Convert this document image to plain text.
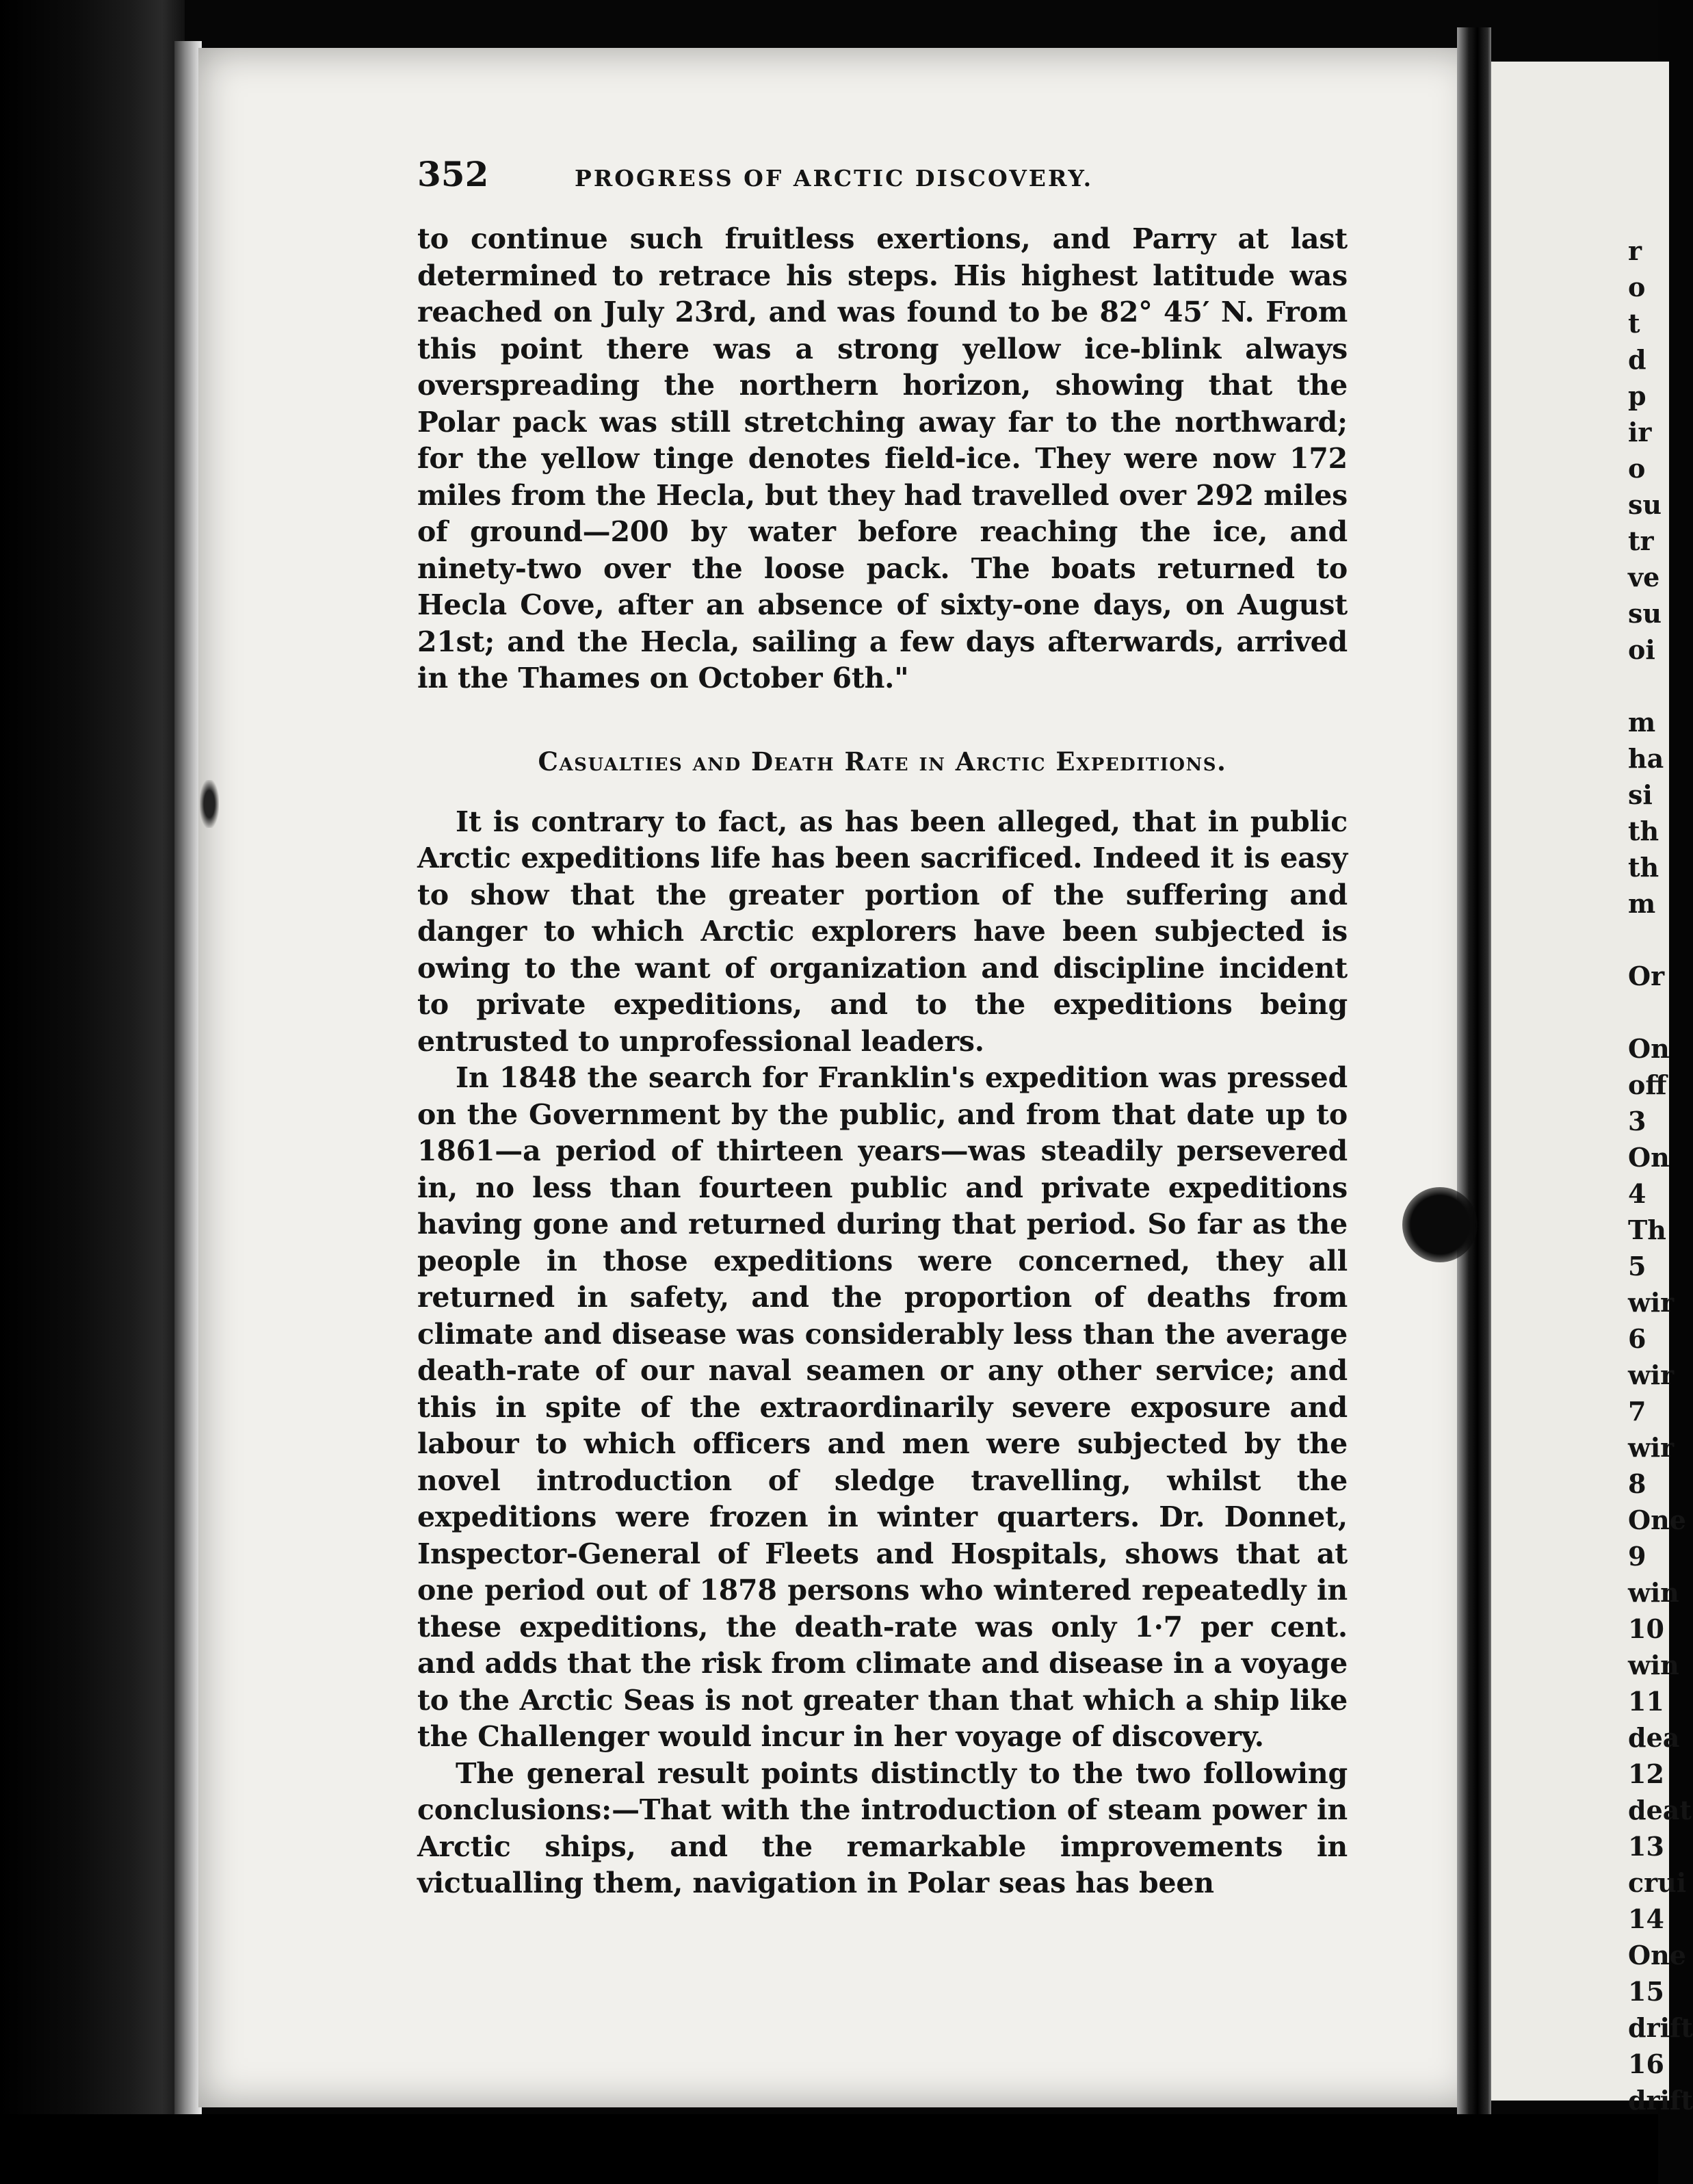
352	PROGRESS OF ARCTIC DISCOVERY.

to continue such fruitless exertions, and Parry at last determined to retrace his steps. His highest latitude was reached on July 23rd, and was found to be 82° 45′ N. From this point there was a strong yellow ice-blink always overspreading the northern horizon, showing that the Polar pack was still stretching away far to the northward; for the yellow tinge denotes field-ice. They were now 172 miles from the Hecla, but they had travelled over 292 miles of ground—200 by water before reaching the ice, and ninety-two over the loose pack. The boats returned to Hecla Cove, after an absence of sixty-one days, on August 21st; and the Hecla, sailing a few days afterwards, arrived in the Thames on October 6th."

Casualties and Death Rate in Arctic Expeditions.

It is contrary to fact, as has been alleged, that in public Arctic expeditions life has been sacrificed. Indeed it is easy to show that the greater portion of the suffering and danger to which Arctic explorers have been subjected is owing to the want of organization and discipline incident to private expeditions, and to the expeditions being entrusted to unprofessional leaders.

In 1848 the search for Franklin's expedition was pressed on the Government by the public, and from that date up to 1861—a period of thirteen years—was steadily persevered in, no less than fourteen public and private expeditions having gone and returned during that period. So far as the people in those expeditions were concerned, they all returned in safety, and the proportion of deaths from climate and disease was considerably less than the average death-rate of our naval seamen or any other service; and this in spite of the extraordinarily severe exposure and labour to which officers and men were subjected by the novel introduction of sledge travelling, whilst the expeditions were frozen in winter quarters. Dr. Donnet, Inspector-General of Fleets and Hospitals, shows that at one period out of 1878 persons who wintered repeatedly in these expeditions, the death-rate was only 1·7 per cent. and adds that the risk from climate and disease in a voyage to the Arctic Seas is not greater than that which a ship like the Challenger would incur in her voyage of discovery.

The general result points distinctly to the two following conclusions:—That with the introduction of steam power in Arctic ships, and the remarkable improvements in victualling them, navigation in Polar seas has been

r
o
t
d
p
ir
o
su
tr
ve
su
oi
m
ha
si
th
th
m
Or
On
off
3
On
4
Th
5
wir
6
wir
7
wir
8
One
9
win
10
win
11
dea
12
deat
13
crui
14
One
15
drift
16
drift
